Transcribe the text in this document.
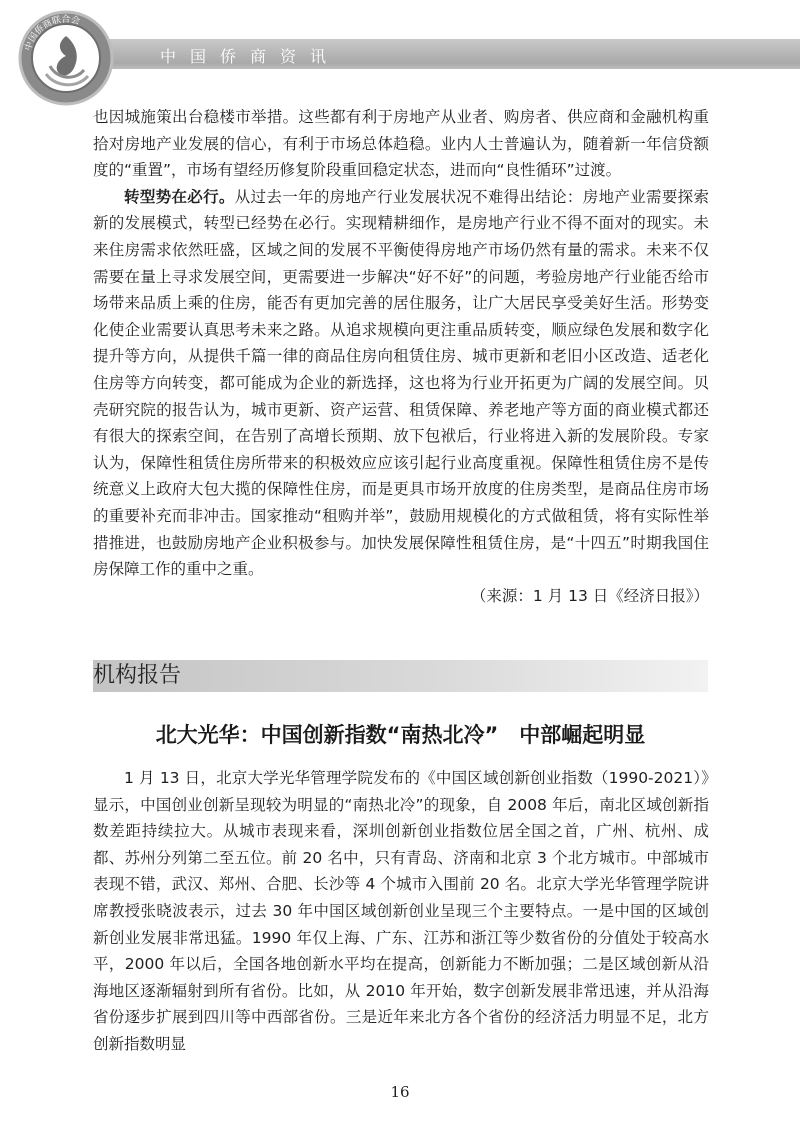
中国侨商资讯
中国侨商联合会

也因城施策出台稳楼市举措。这些都有利于房地产从业者、购房者、供应商和金融机构重拾对房地产业发展的信心，有利于市场总体趋稳。业内人士普遍认为，随着新一年信贷额度的“重置”，市场有望经历修复阶段重回稳定状态，进而向“良性循环”过渡。

转型势在必行。从过去一年的房地产行业发展状况不难得出结论：房地产业需要探索新的发展模式，转型已经势在必行。实现精耕细作，是房地产行业不得不面对的现实。未来住房需求依然旺盛，区域之间的发展不平衡使得房地产市场仍然有量的需求。未来不仅需要在量上寻求发展空间，更需要进一步解决“好不好”的问题，考验房地产行业能否给市场带来品质上乘的住房，能否有更加完善的居住服务，让广大居民享受美好生活。形势变化使企业需要认真思考未来之路。从追求规模向更注重品质转变，顺应绿色发展和数字化提升等方向，从提供千篇一律的商品住房向租赁住房、城市更新和老旧小区改造、适老化住房等方向转变，都可能成为企业的新选择，这也将为行业开拓更为广阔的发展空间。贝壳研究院的报告认为，城市更新、资产运营、租赁保障、养老地产等方面的商业模式都还有很大的探索空间，在告别了高增长预期、放下包袱后，行业将进入新的发展阶段。专家认为，保障性租赁住房所带来的积极效应应该引起行业高度重视。保障性租赁住房不是传统意义上政府大包大揽的保障性住房，而是更具市场开放度的住房类型，是商品住房市场的重要补充而非冲击。国家推动“租购并举”，鼓励用规模化的方式做租赁，将有实际性举措推进，也鼓励房地产企业积极参与。加快发展保障性租赁住房，是“十四五”时期我国住房保障工作的重中之重。

（来源：1 月 13 日《经济日报》）

机构报告
北大光华：中国创新指数“南热北冷”　中部崛起明显

1 月 13 日，北京大学光华管理学院发布的《中国区域创新创业指数（1990-2021）》显示，中国创业创新呈现较为明显的“南热北冷”的现象，自 2008 年后，南北区域创新指数差距持续拉大。从城市表现来看，深圳创新创业指数位居全国之首，广州、杭州、成都、苏州分列第二至五位。前 20 名中，只有青岛、济南和北京 3 个北方城市。中部城市表现不错，武汉、郑州、合肥、长沙等 4 个城市入围前 20 名。北京大学光华管理学院讲席教授张晓波表示，过去 30 年中国区域创新创业呈现三个主要特点。一是中国的区域创新创业发展非常迅猛。1990 年仅上海、广东、江苏和浙江等少数省份的分值处于较高水平，2000 年以后，全国各地创新水平均在提高，创新能力不断加强；二是区域创新从沿海地区逐渐辐射到所有省份。比如，从 2010 年开始，数字创新发展非常迅速，并从沿海省份逐步扩展到四川等中西部省份。三是近年来北方各个省份的经济活力明显不足，北方创新指数明显

16
